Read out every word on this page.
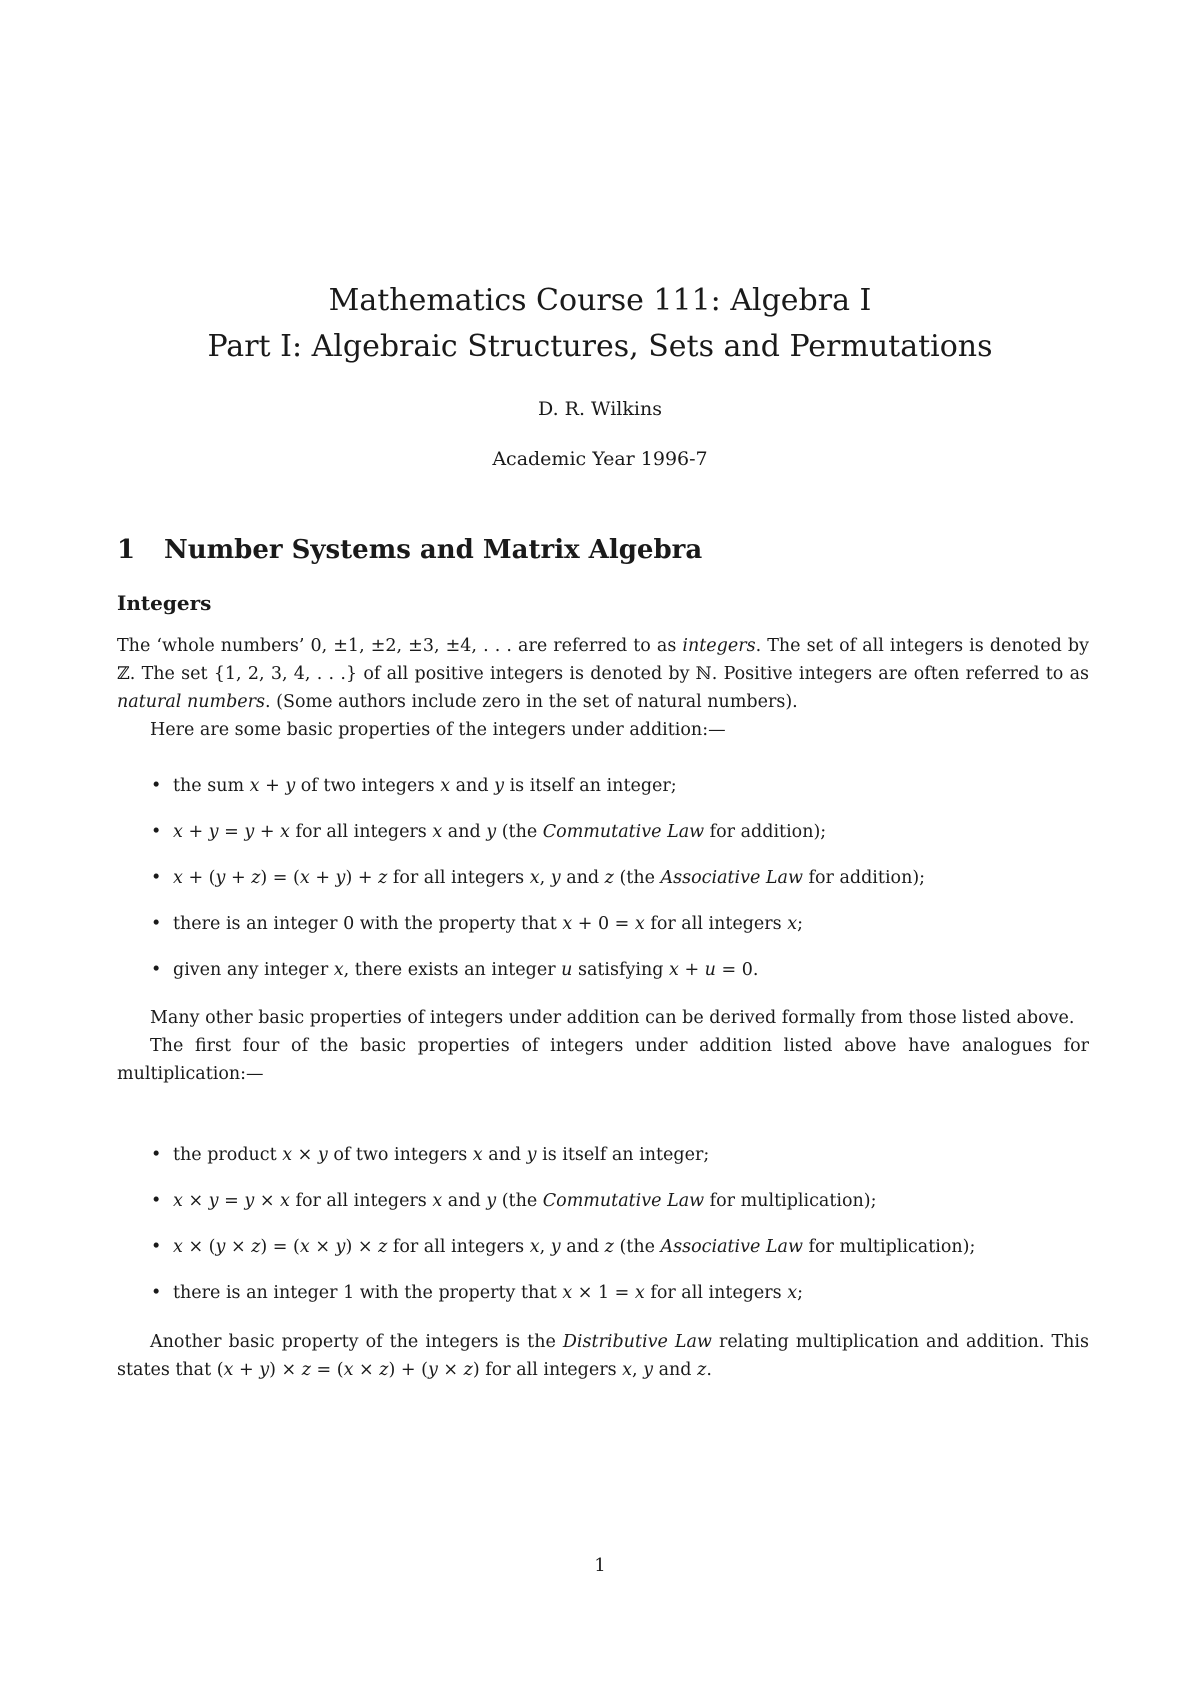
Mathematics Course 111: Algebra I
Part I: Algebraic Structures, Sets and Permutations
D. R. Wilkins
Academic Year 1996-7
1 Number Systems and Matrix Algebra
Integers

The ‘whole numbers’ 0, ±1, ±2, ±3, ±4, . . . are referred to as integers. The set of all integers is denoted by ℤ. The set {1, 2, 3, 4, . . .} of all positive integers is denoted by ℕ. Positive integers are often referred to as natural numbers. (Some authors include zero in the set of natural numbers).

Here are some basic properties of the integers under addition:—

• the sum x + y of two integers x and y is itself an integer;
• x + y = y + x for all integers x and y (the Commutative Law for addition);
• x + (y + z) = (x + y) + z for all integers x, y and z (the Associative Law for addition);
• there is an integer 0 with the property that x + 0 = x for all integers x;
• given any integer x, there exists an integer u satisfying x + u = 0.

Many other basic properties of integers under addition can be derived formally from those listed above.

The first four of the basic properties of integers under addition listed above have analogues for multiplication:—

• the product x × y of two integers x and y is itself an integer;
• x × y = y × x for all integers x and y (the Commutative Law for multiplication);
• x × (y × z) = (x × y) × z for all integers x, y and z (the Associative Law for multiplication);
• there is an integer 1 with the property that x × 1 = x for all integers x;

Another basic property of the integers is the Distributive Law relating multiplication and addition. This states that (x + y) × z = (x × z) + (y × z) for all integers x, y and z.

1
